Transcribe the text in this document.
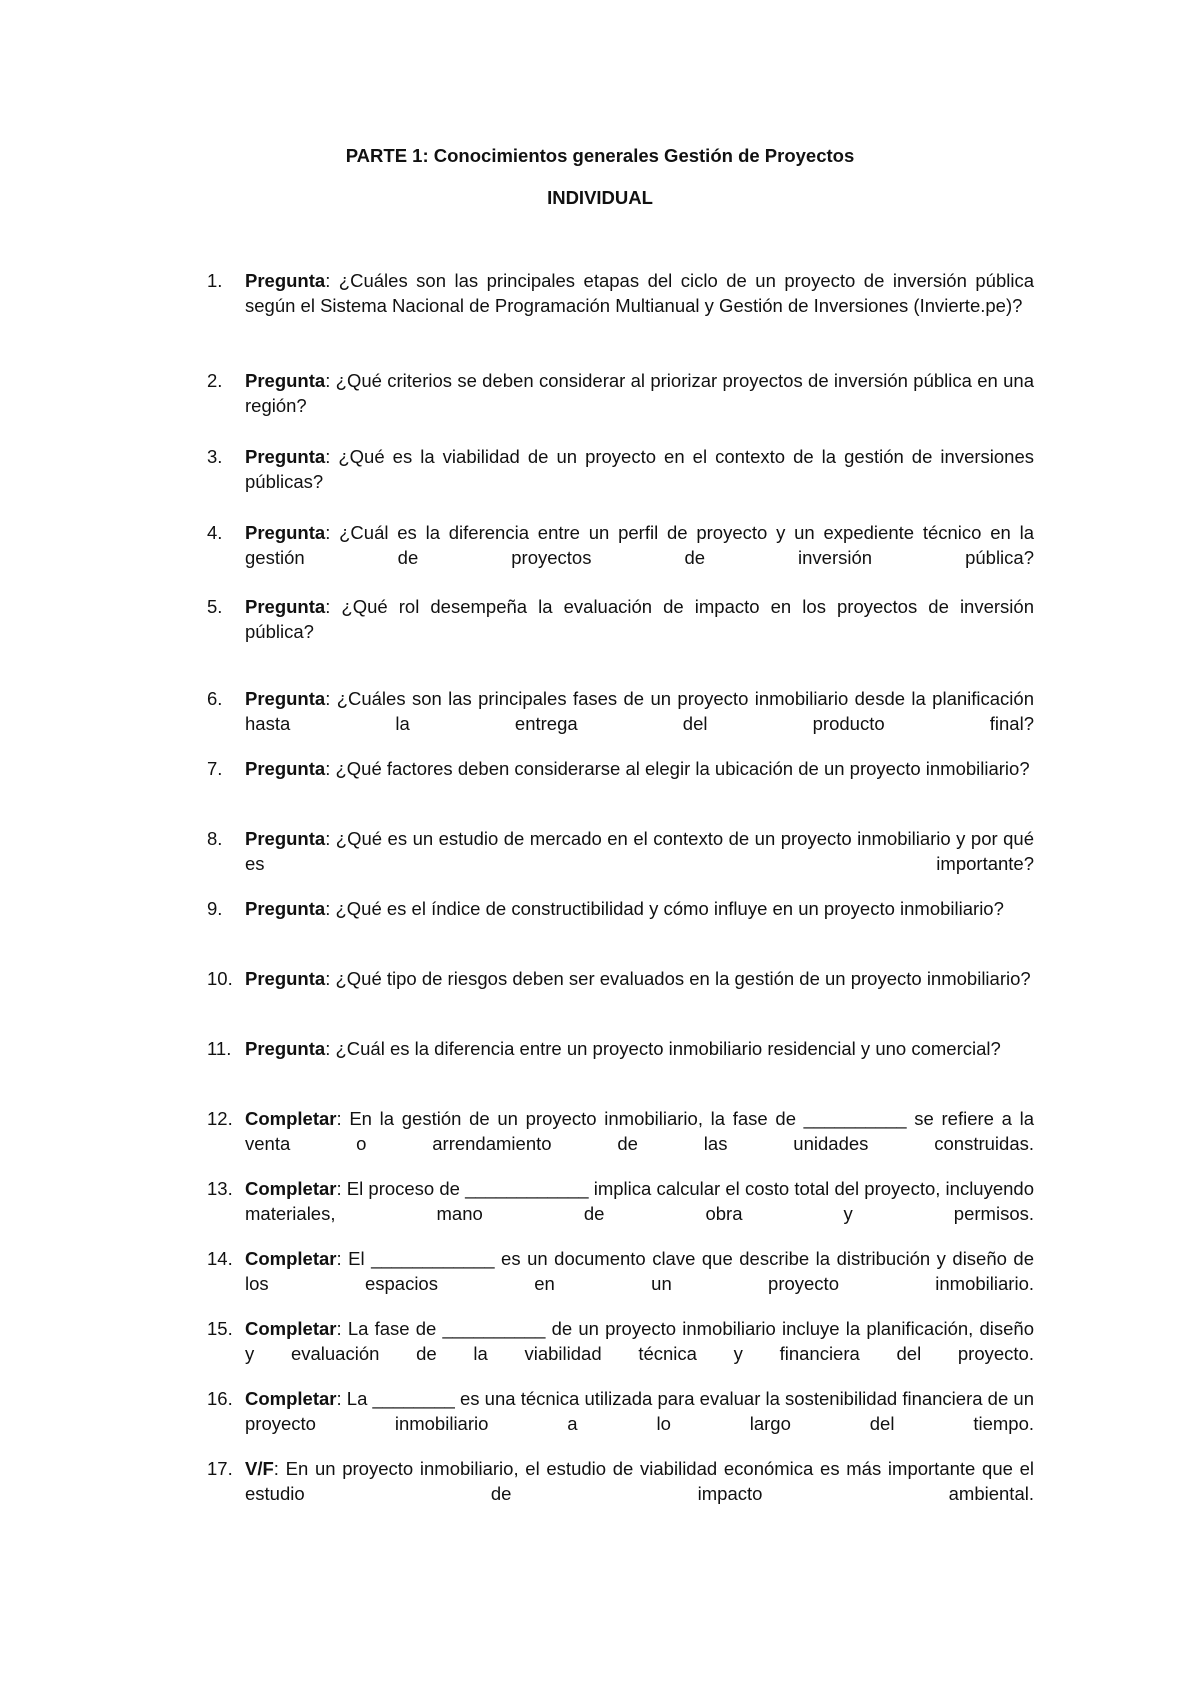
PARTE 1: Conocimientos generales Gestión de Proyectos
INDIVIDUAL
1. Pregunta: ¿Cuáles son las principales etapas del ciclo de un proyecto de inversión pública según el Sistema Nacional de Programación Multianual y Gestión de Inversiones (Invierte.pe)?
2. Pregunta: ¿Qué criterios se deben considerar al priorizar proyectos de inversión pública en una región?
3. Pregunta: ¿Qué es la viabilidad de un proyecto en el contexto de la gestión de inversiones públicas?
4. Pregunta: ¿Cuál es la diferencia entre un perfil de proyecto y un expediente técnico en la gestión de proyectos de inversión pública?
5. Pregunta: ¿Qué rol desempeña la evaluación de impacto en los proyectos de inversión pública?
6. Pregunta: ¿Cuáles son las principales fases de un proyecto inmobiliario desde la planificación hasta la entrega del producto final?
7. Pregunta: ¿Qué factores deben considerarse al elegir la ubicación de un proyecto inmobiliario?
8. Pregunta: ¿Qué es un estudio de mercado en el contexto de un proyecto inmobiliario y por qué es importante?
9. Pregunta: ¿Qué es el índice de constructibilidad y cómo influye en un proyecto inmobiliario?
10. Pregunta: ¿Qué tipo de riesgos deben ser evaluados en la gestión de un proyecto inmobiliario?
11. Pregunta: ¿Cuál es la diferencia entre un proyecto inmobiliario residencial y uno comercial?
12. Completar: En la gestión de un proyecto inmobiliario, la fase de __________ se refiere a la venta o arrendamiento de las unidades construidas.
13. Completar: El proceso de ____________ implica calcular el costo total del proyecto, incluyendo materiales, mano de obra y permisos.
14. Completar: El ____________ es un documento clave que describe la distribución y diseño de los espacios en un proyecto inmobiliario.
15. Completar: La fase de __________ de un proyecto inmobiliario incluye la planificación, diseño y evaluación de la viabilidad técnica y financiera del proyecto.
16. Completar: La ________ es una técnica utilizada para evaluar la sostenibilidad financiera de un proyecto inmobiliario a lo largo del tiempo.
17. V/F: En un proyecto inmobiliario, el estudio de viabilidad económica es más importante que el estudio de impacto ambiental.
